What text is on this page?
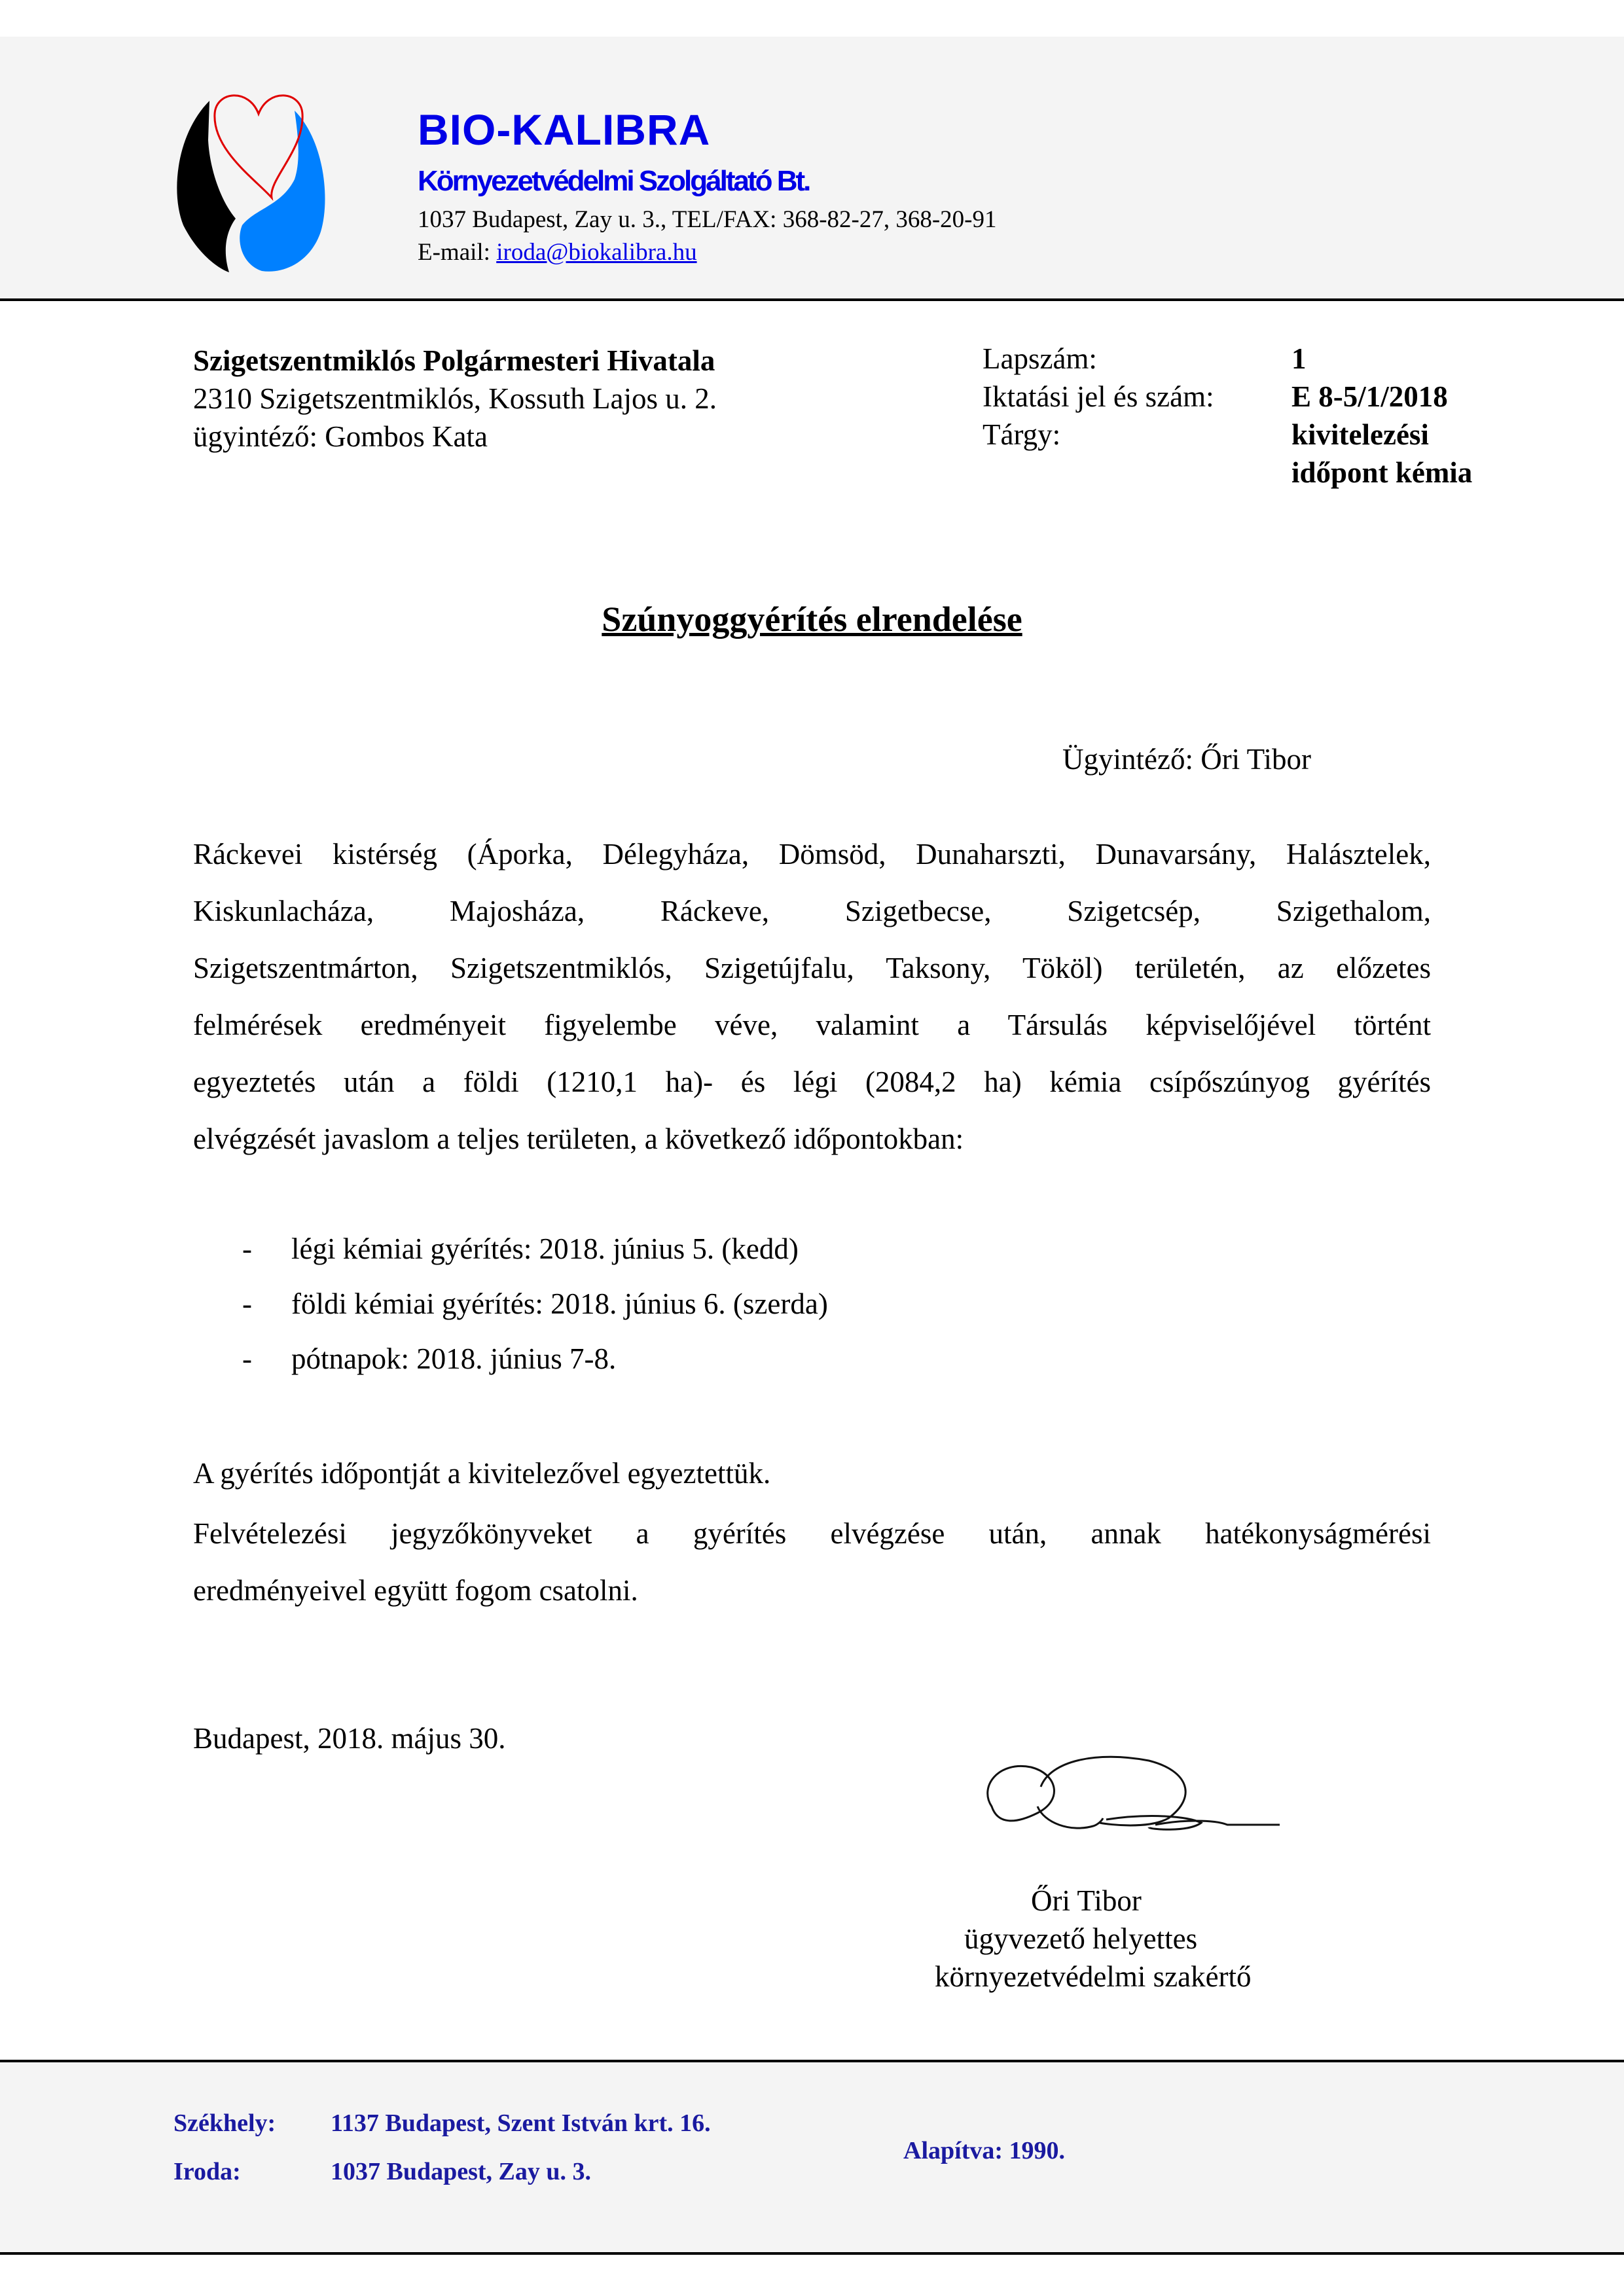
BIO-KALIBRA
Környezetvédelmi Szolgáltató Bt.
1037 Budapest, Zay u. 3., TEL/FAX: 368-82-27, 368-20-91
E-mail: iroda@biokalibra.hu
Szigetszentmiklós Polgármesteri Hivatala
2310 Szigetszentmiklós, Kossuth Lajos u. 2.
ügyintéző: Gombos Kata
Lapszám:	1
Iktatási jel és szám:	E 8-5/1/2018
Tárgy:	kivitelezési
időpont kémia
Szúnyoggyérítés elrendelése
Ügyintéző: Őri Tibor
Ráckevei kistérség (Áporka, Délegyháza, Dömsöd, Dunaharszti, Dunavarsány, Halásztelek,
Kiskunlacháza, Majosháza, Ráckeve, Szigetbecse, Szigetcsép, Szigethalom,
Szigetszentmárton, Szigetszentmiklós, Szigetújfalu, Taksony, Tököl) területén, az előzetes
felmérések eredményeit figyelembe véve, valamint a Társulás képviselőjével történt
egyeztetés után a földi (1210,1 ha)- és légi (2084,2 ha) kémia csípőszúnyog gyérítés
elvégzését javaslom a teljes területen, a következő időpontokban:
- légi kémiai gyérítés: 2018. június 5. (kedd)
- földi kémiai gyérítés: 2018. június 6. (szerda)
- pótnapok: 2018. június 7-8.
A gyérítés időpontját a kivitelezővel egyeztettük.
Felvételezési jegyzőkönyveket a gyérítés elvégzése után, annak hatékonyságmérési
eredményeivel együtt fogom csatolni.
Budapest, 2018. május 30.
Őri Tibor
ügyvezető helyettes
környezetvédelmi szakértő
Székhely: 1137 Budapest, Szent István krt. 16.
Iroda:	1037 Budapest, Zay u. 3.
Alapítva: 1990.
